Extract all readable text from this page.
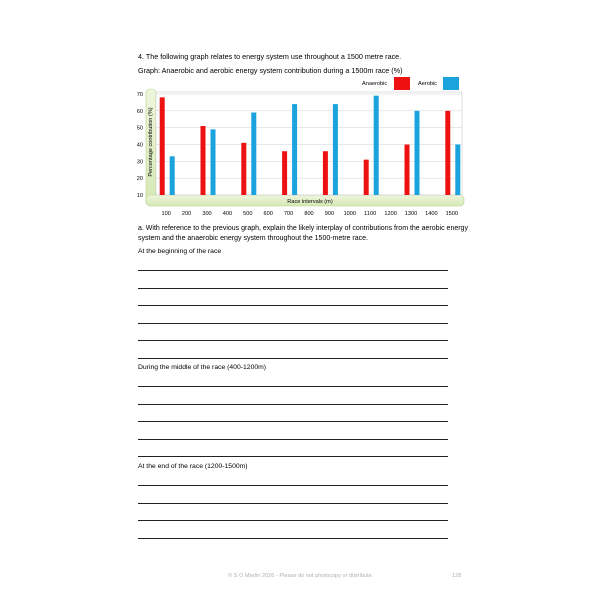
4. The following graph relates to energy system use throughout a 1500 metre race.
Graph: Anaerobic and aerobic energy system contribution during a 1500m race (%)
10
20
30
40
50
60
70
100 200 300 400 500 600 700 800 900 1000 1100 1200 1300 1400 1500
Race intervals (m)
Percentage contribution (%)
Anaerobic	Aerobic
a. With reference to the previous graph, explain the likely interplay of contributions from the aerobic energy system and the anaerobic energy system throughout the 1500-metre race.
At the beginning of the race
During the middle of the race (400-1200m)
At the end of the race (1200-1500m)
© S O Martin 2026 - Please do not photocopy or distribute	128
